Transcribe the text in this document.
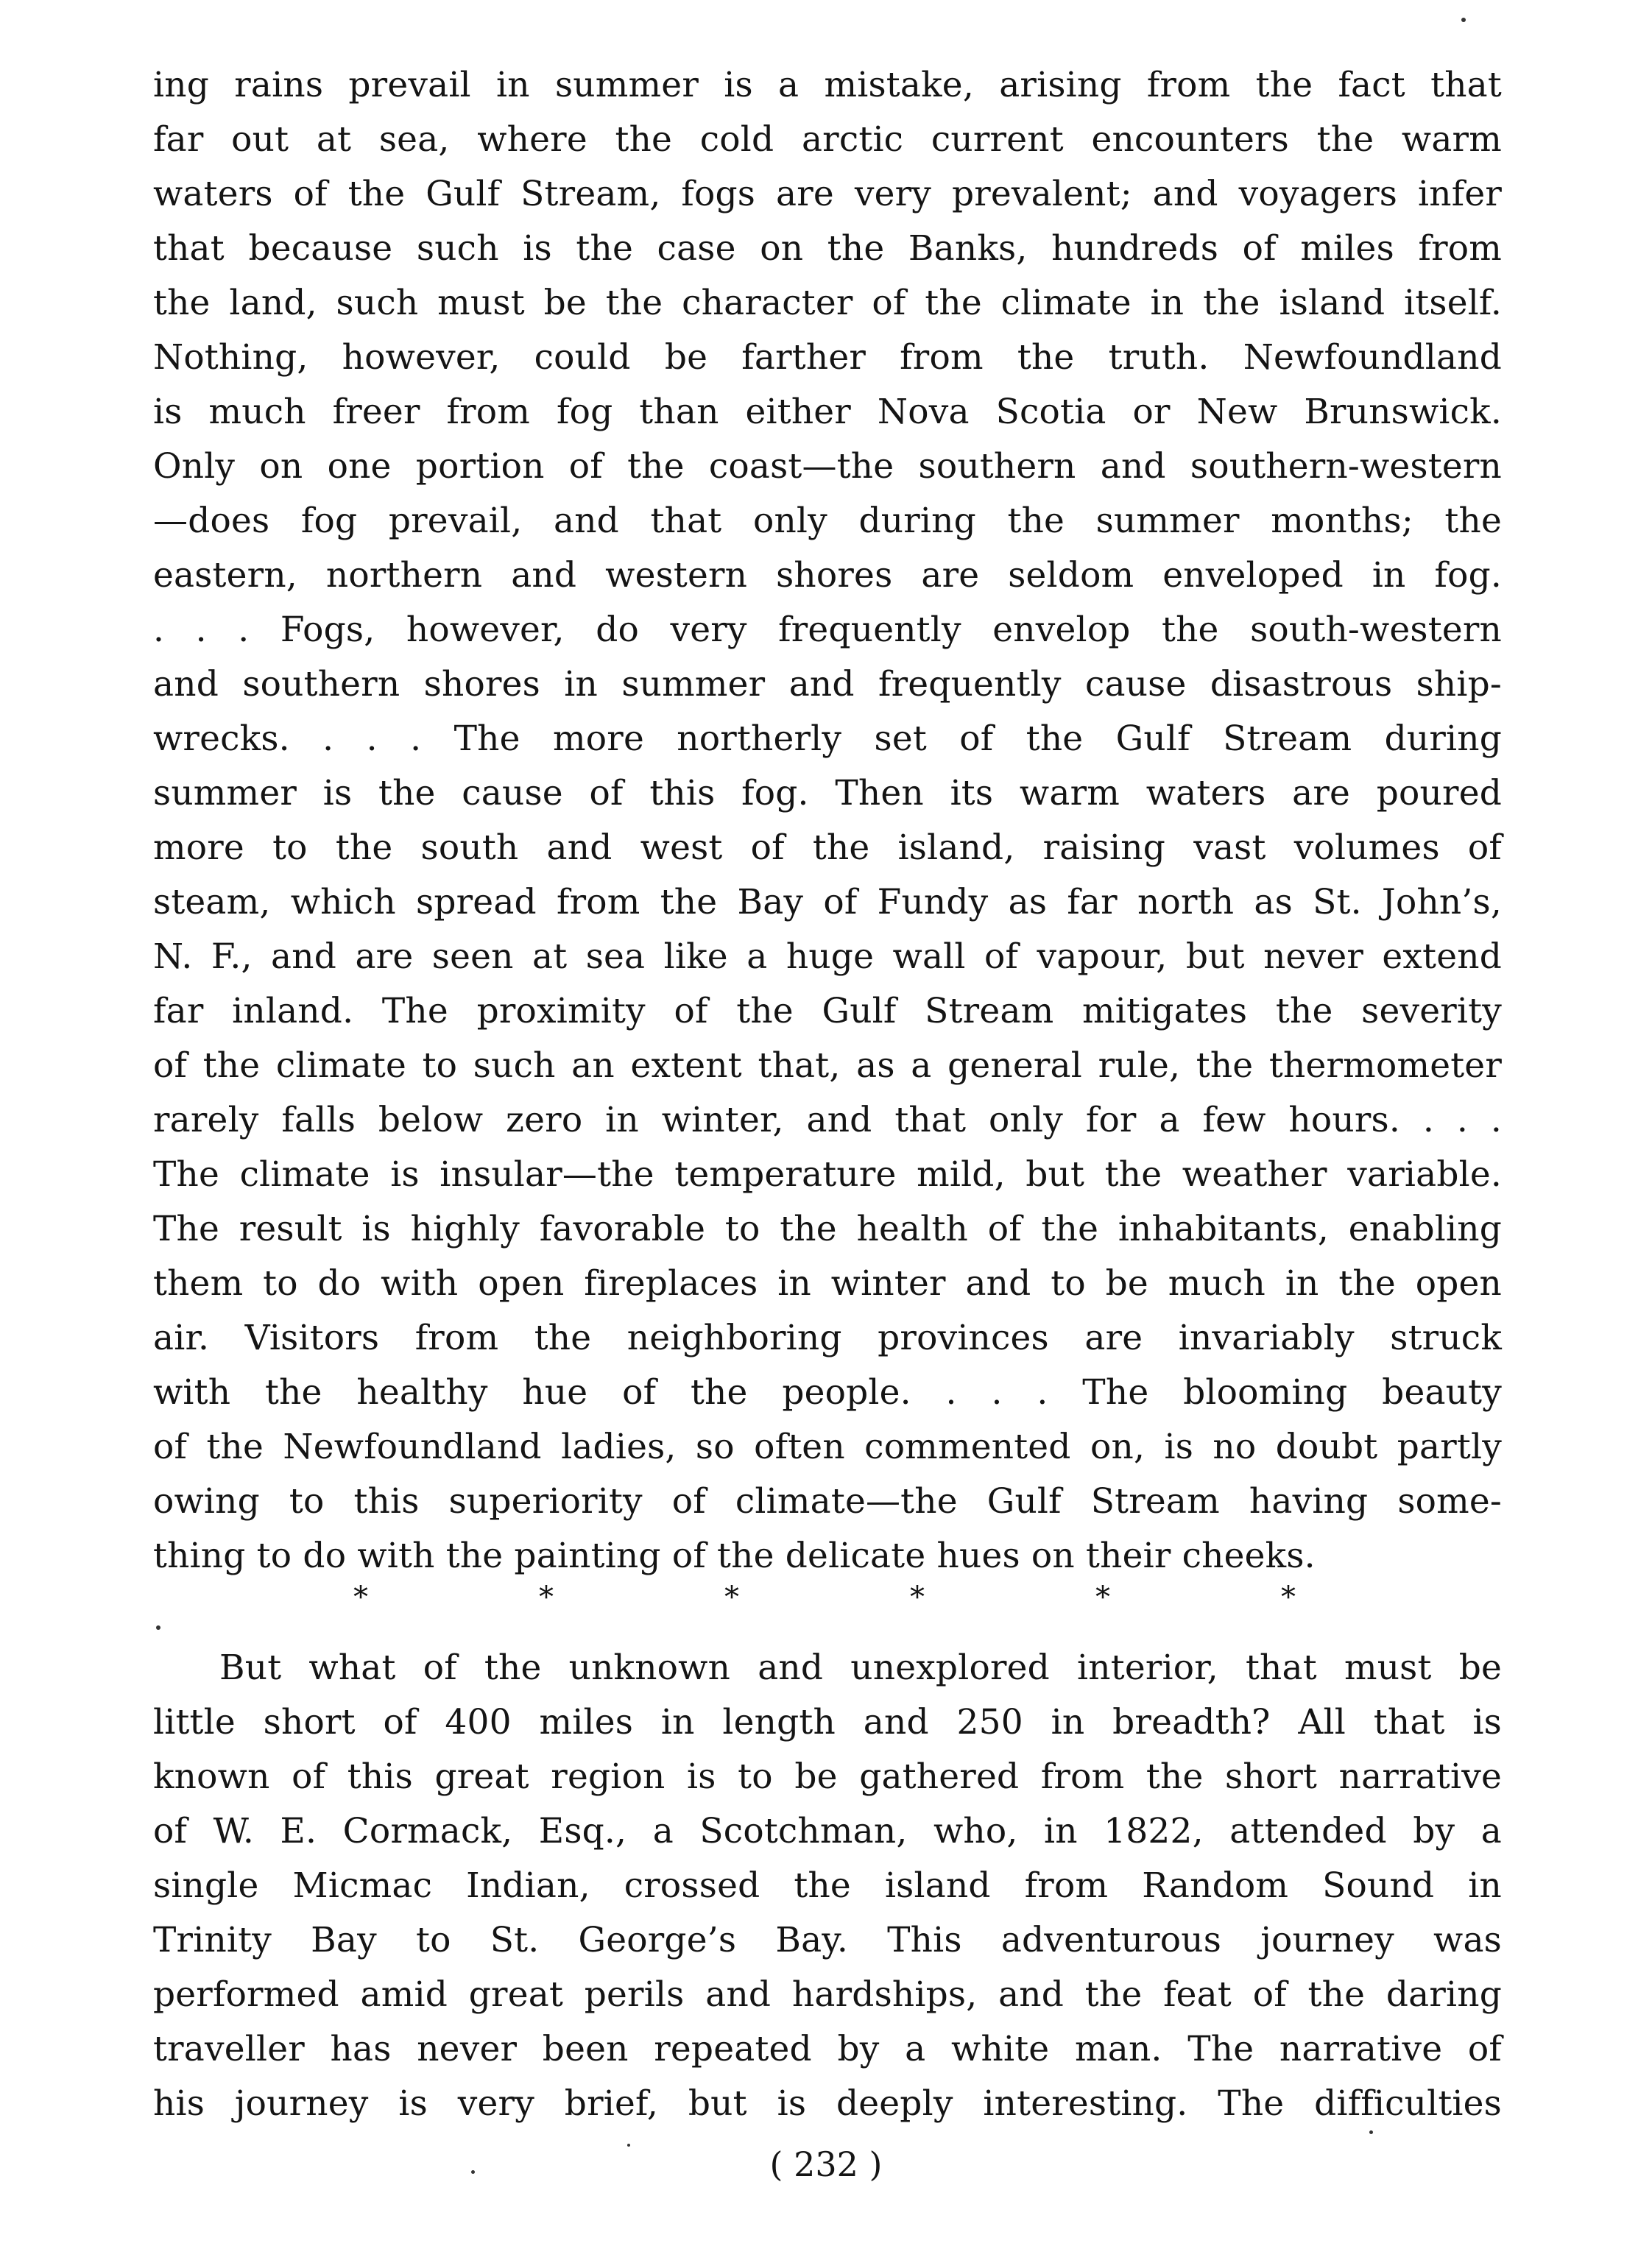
ing rains prevail in summer is a mistake, arising from the fact that
far out at sea, where the cold arctic current encounters the warm
waters of the Gulf Stream, fogs are very prevalent; and voyagers infer
that because such is the case on the Banks, hundreds of miles from
the land, such must be the character of the climate in the island itself.
Nothing, however, could be farther from the truth. Newfoundland
is much freer from fog than either Nova Scotia or New Brunswick.
Only on one portion of the coast—the southern and southern-western
—does fog prevail, and that only during the summer months; the
eastern, northern and western shores are seldom enveloped in fog.
. . . Fogs, however, do very frequently envelop the south-western
and southern shores in summer and frequently cause disastrous ship-
wrecks. . . . The more northerly set of the Gulf Stream during
summer is the cause of this fog. Then its warm waters are poured
more to the south and west of the island, raising vast volumes of
steam, which spread from the Bay of Fundy as far north as St. John’s,
N. F., and are seen at sea like a huge wall of vapour, but never extend
far inland. The proximity of the Gulf Stream mitigates the severity
of the climate to such an extent that, as a general rule, the thermometer
rarely falls below zero in winter, and that only for a few hours. . . .
The climate is insular—the temperature mild, but the weather variable.
The result is highly favorable to the health of the inhabitants, enabling
them to do with open fireplaces in winter and to be much in the open
air. Visitors from the neighboring provinces are invariably struck
with the healthy hue of the people. . . . The blooming beauty
of the Newfoundland ladies, so often commented on, is no doubt partly
owing to this superiority of climate—the Gulf Stream having some-
thing to do with the painting of the delicate hues on their cheeks.
*	*	*	*	*	*
But what of the unknown and unexplored interior, that must be
little short of 400 miles in length and 250 in breadth? All that is
known of this great region is to be gathered from the short narrative
of W. E. Cormack, Esq., a Scotchman, who, in 1822, attended by a
single Micmac Indian, crossed the island from Random Sound in
Trinity Bay to St. George’s Bay. This adventurous journey was
performed amid great perils and hardships, and the feat of the daring
traveller has never been repeated by a white man. The narrative of
his journey is very brief, but is deeply interesting. The difficulties
( 232 )
